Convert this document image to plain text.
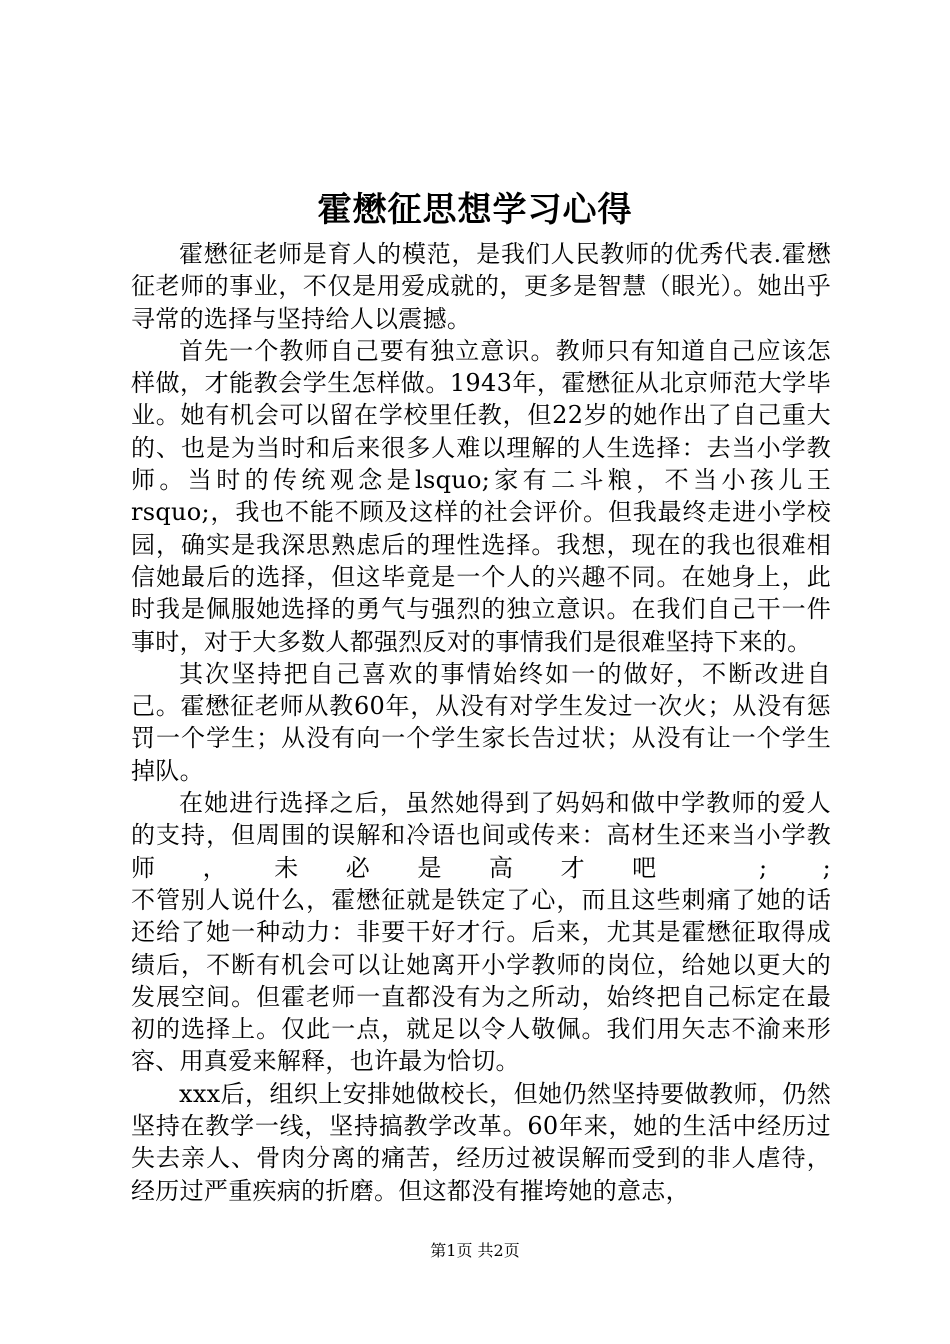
霍懋征思想学习心得

霍懋征老师是育人的模范，是我们人民教师的优秀代表.霍懋征老师的事业，不仅是用爱成就的，更多是智慧（眼光）。她出乎寻常的选择与坚持给人以震撼。

首先一个教师自己要有独立意识。教师只有知道自己应该怎样做，才能教会学生怎样做。1943年，霍懋征从北京师范大学毕业。她有机会可以留在学校里任教，但22岁的她作出了自己重大的、也是为当时和后来很多人难以理解的人生选择：去当小学教师。当时的传统观念是lsquo;家有二斗粮，不当小孩儿王rsquo;，我也不能不顾及这样的社会评价。但我最终走进小学校园，确实是我深思熟虑后的理性选择。我想，现在的我也很难相信她最后的选择，但这毕竟是一个人的兴趣不同。在她身上，此时我是佩服她选择的勇气与强烈的独立意识。在我们自己干一件事时，对于大多数人都强烈反对的事情我们是很难坚持下来的。

其次坚持把自己喜欢的事情始终如一的做好，不断改进自己。霍懋征老师从教60年，从没有对学生发过一次火；从没有惩罚一个学生；从没有向一个学生家长告过状；从没有让一个学生掉队。

在她进行选择之后，虽然她得到了妈妈和做中学教师的爱人的支持，但周围的误解和冷语也间或传来：高材生还来当小学教师，未必是高才吧 ; ;

不管别人说什么，霍懋征就是铁定了心，而且这些刺痛了她的话还给了她一种动力：非要干好才行。后来，尤其是霍懋征取得成绩后，不断有机会可以让她离开小学教师的岗位，给她以更大的发展空间。但霍老师一直都没有为之所动，始终把自己标定在最初的选择上。仅此一点，就足以令人敬佩。我们用矢志不渝来形容、用真爱来解释，也许最为恰切。

xxx后，组织上安排她做校长，但她仍然坚持要做教师，仍然坚持在教学一线，坚持搞教学改革。60年来，她的生活中经历过失去亲人、骨肉分离的痛苦，经历过被误解而受到的非人虐待，经历过严重疾病的折磨。但这都没有摧垮她的意志，

第1页 共2页
